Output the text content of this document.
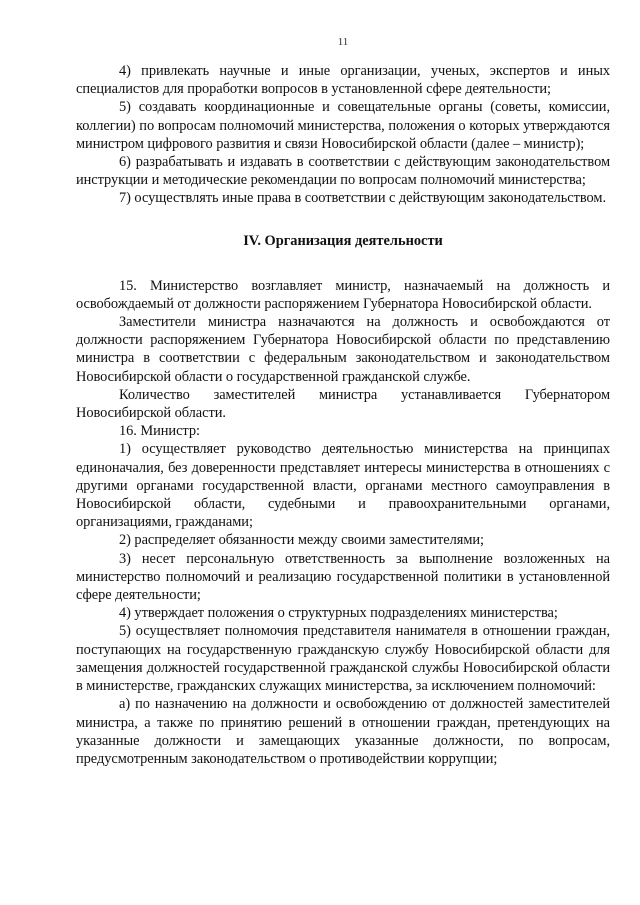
11

4) привлекать научные и иные организации, ученых, экспертов и иных специалистов для проработки вопросов в установленной сфере деятельности;

5) создавать координационные и совещательные органы (советы, комиссии, коллегии) по вопросам полномочий министерства, положения о которых утверждаются министром цифрового развития и связи Новосибирской области (далее – министр);

6) разрабатывать и издавать в соответствии с действующим законодательством инструкции и методические рекомендации по вопросам полномочий министерства;

7) осуществлять иные права в соответствии с действующим законодательством.

IV. Организация деятельности

15. Министерство возглавляет министр, назначаемый на должность и освобождаемый от должности распоряжением Губернатора Новосибирской области.

Заместители министра назначаются на должность и освобождаются от должности распоряжением Губернатора Новосибирской области по представлению министра в соответствии с федеральным законодательством и законодательством Новосибирской области о государственной гражданской службе.

Количество заместителей министра устанавливается Губернатором Новосибирской области.

16. Министр:

1) осуществляет руководство деятельностью министерства на принципах единоначалия, без доверенности представляет интересы министерства в отношениях с другими органами государственной власти, органами местного самоуправления в Новосибирской области, судебными и правоохранительными органами, организациями, гражданами;

2) распределяет обязанности между своими заместителями;

3) несет персональную ответственность за выполнение возложенных на министерство полномочий и реализацию государственной политики в установленной сфере деятельности;

4) утверждает положения о структурных подразделениях министерства;

5) осуществляет полномочия представителя нанимателя в отношении граждан, поступающих на государственную гражданскую службу Новосибирской области для замещения должностей государственной гражданской службы Новосибирской области в министерстве, гражданских служащих министерства, за исключением полномочий:

а) по назначению на должности и освобождению от должностей заместителей министра, а также по принятию решений в отношении граждан, претендующих на указанные должности и замещающих указанные должности, по вопросам, предусмотренным законодательством о противодействии коррупции;
